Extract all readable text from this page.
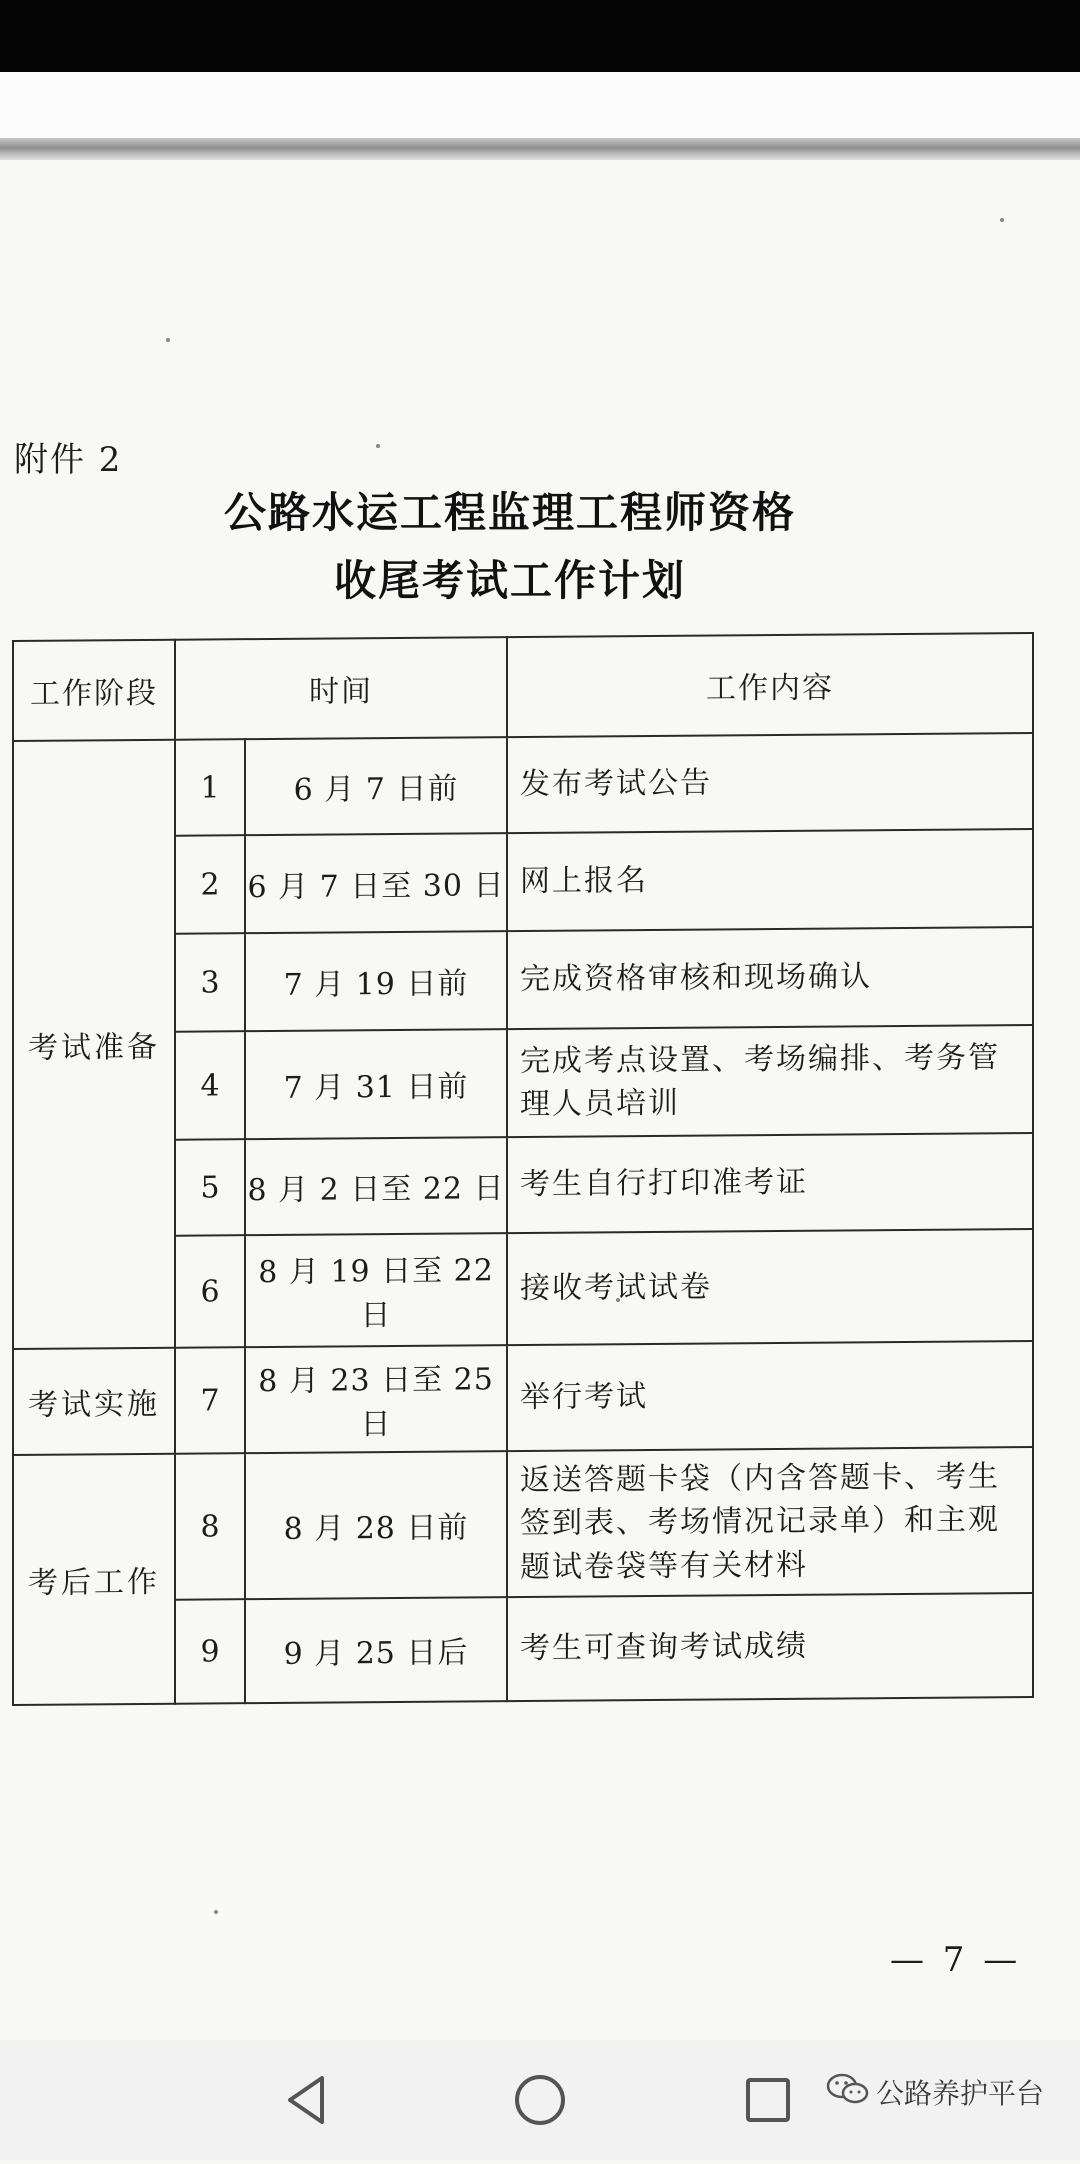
附件 2
公路水运工程监理工程师资格
收尾考试工作计划
工作阶段	时间		工作内容
考试准备	1	6 月 7 日前	发布考试公告
	2	6 月 7 日至 30 日	网上报名
	3	7 月 19 日前	完成资格审核和现场确认
	4	7 月 31 日前	完成考点设置、考场编排、考务管理人员培训
	5	8 月 2 日至 22 日	考生自行打印准考证
	6	8 月 19 日至 22 日	接收考试试卷
考试实施	7	8 月 23 日至 25 日	举行考试
考后工作	8	8 月 28 日前	返送答题卡袋（内含答题卡、考生签到表、考场情况记录单）和主观题试卷袋等有关材料
	9	9 月 25 日后	考生可查询考试成绩
— 7 —
公路养护平台
